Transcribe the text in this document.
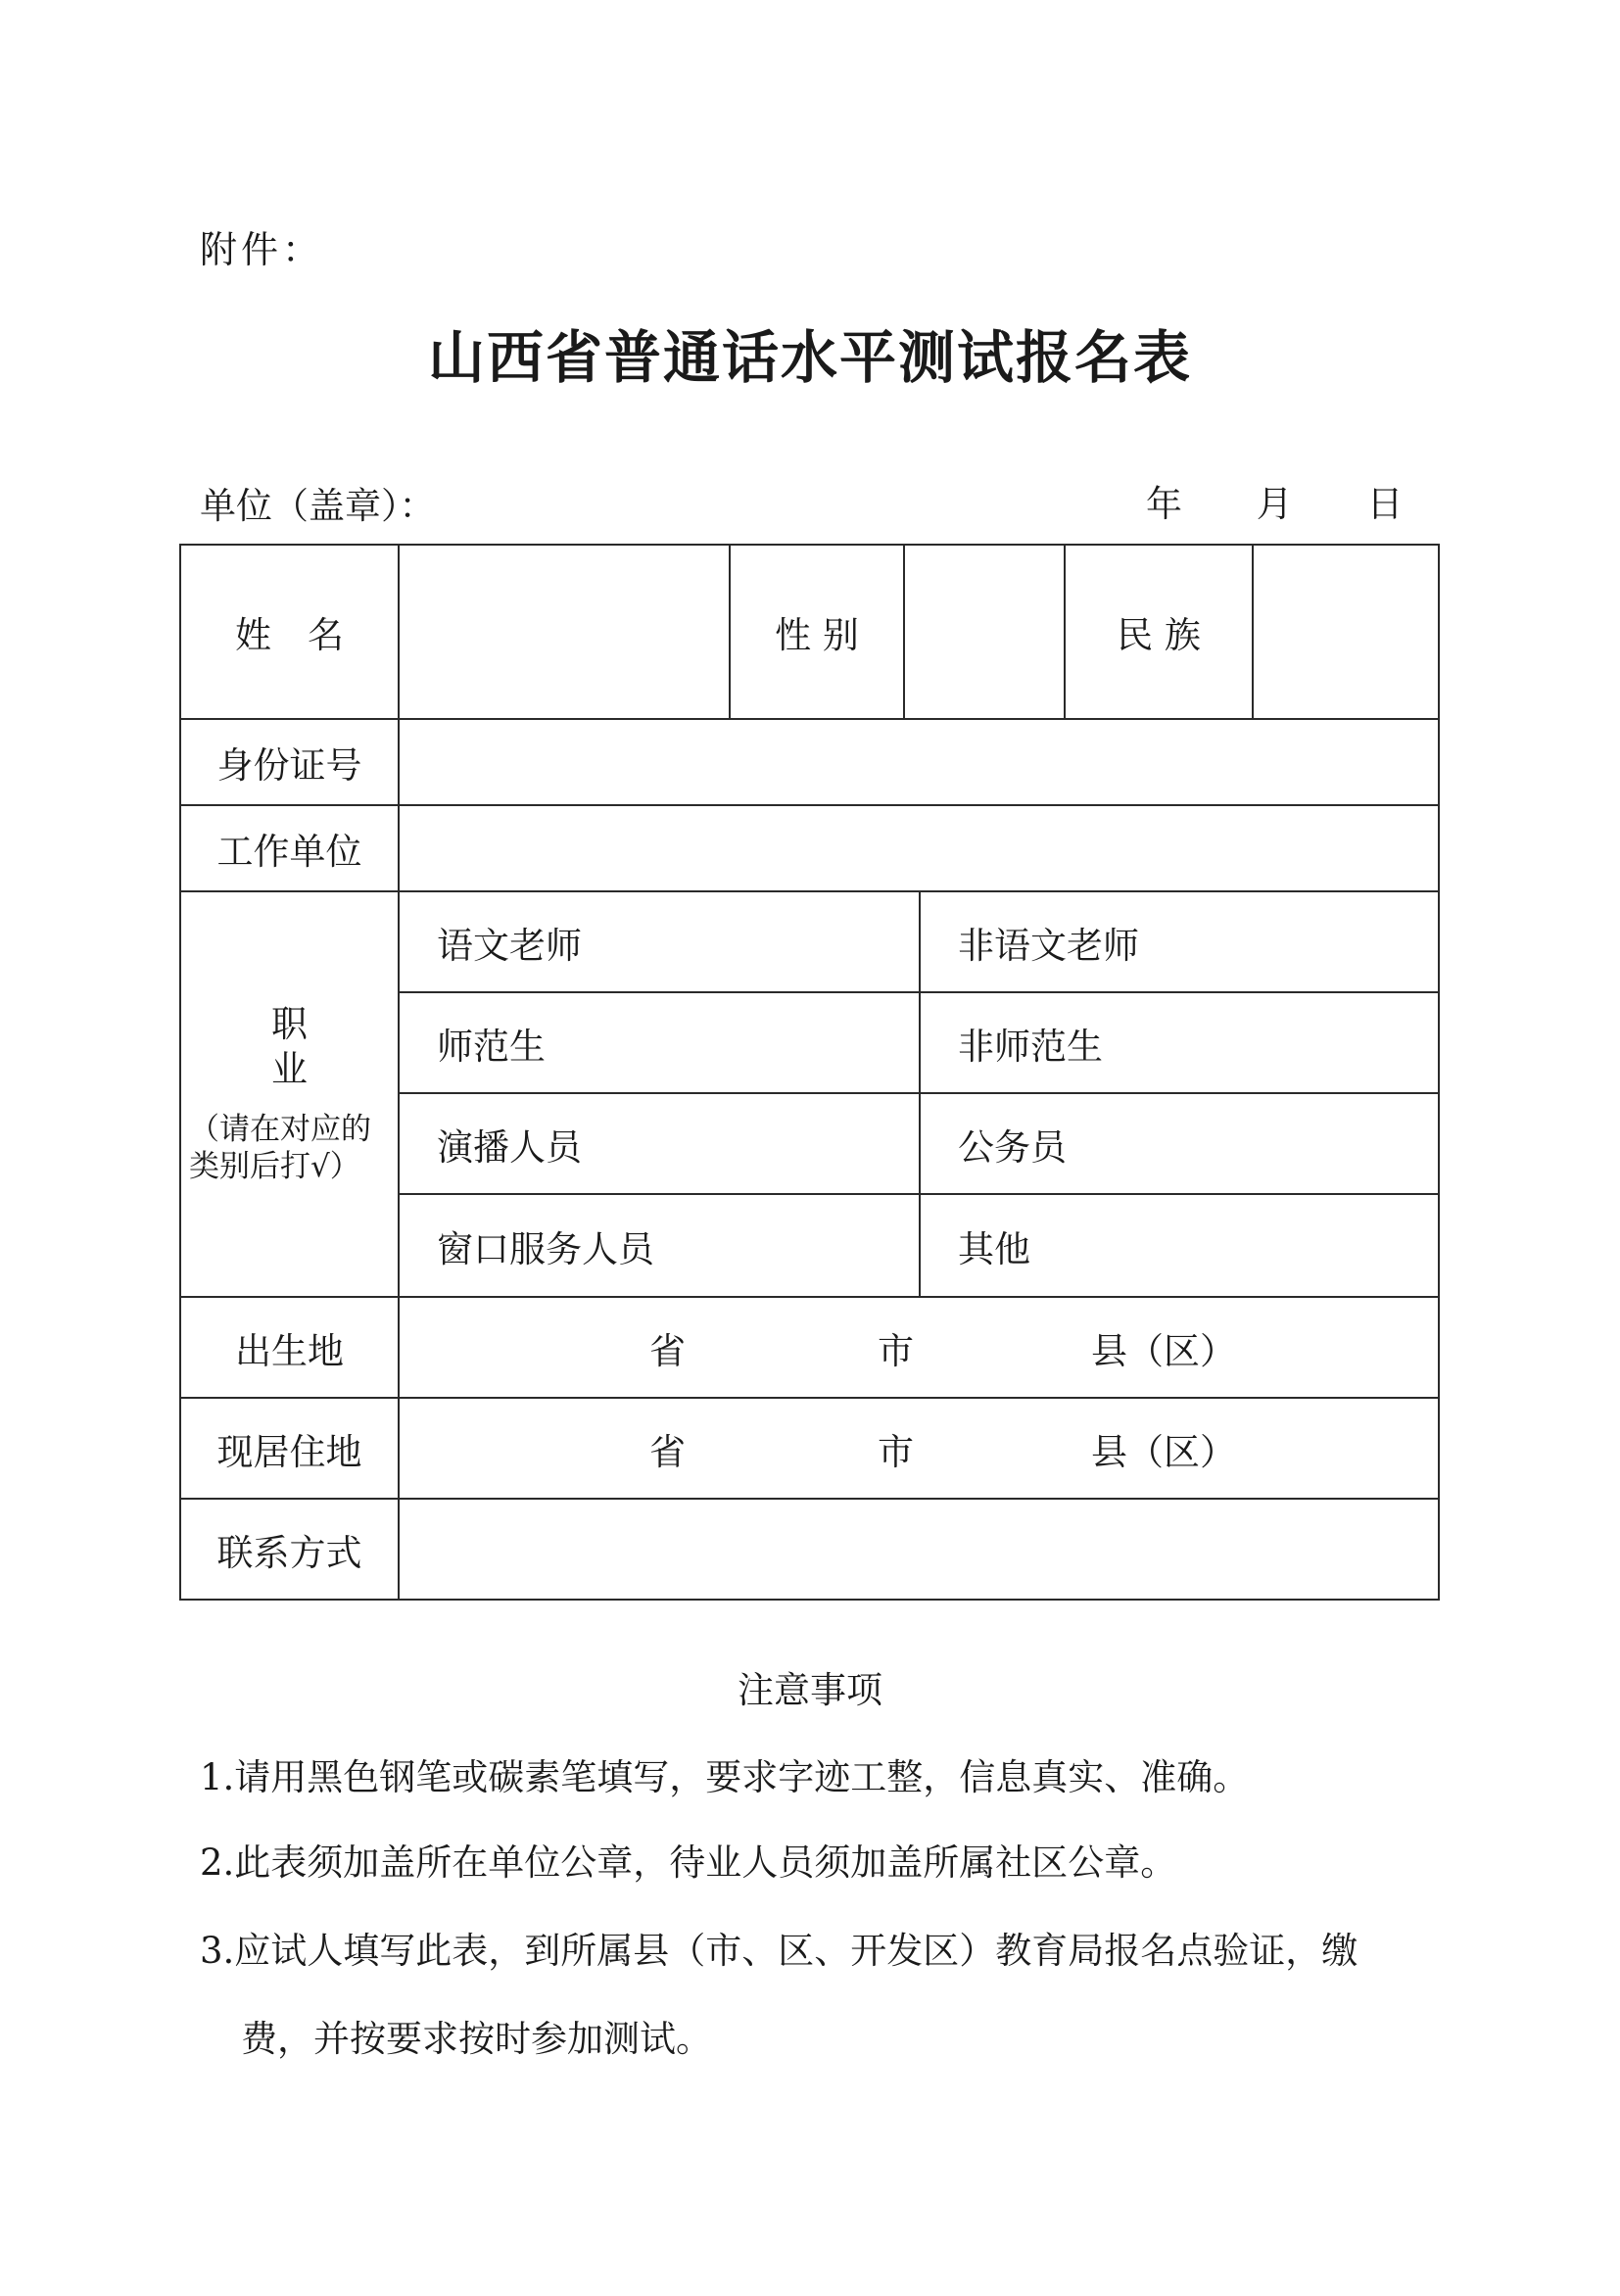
附件：
山西省普通话水平测试报名表
单位（盖章）：	年 月 日
姓　名		性 别			民 族	
身份证号						
工作单位						

职 业
（请在对应的类别后打√）	语文老师			非语文老师		
	师范生			非师范生		
	演播人员			公务员		
	窗口服务人员			其他		
出生地	省 市 县（区）					

现居住地	省 市 县（区）					

联系方式						
注意事项
1.请用黑色钢笔或碳素笔填写，要求字迹工整，信息真实、准确。
2.此表须加盖所在单位公章，待业人员须加盖所属社区公章。
3.应试人填写此表，到所属县（市、区、开发区）教育局报名点验证，缴
费，并按要求按时参加测试。
